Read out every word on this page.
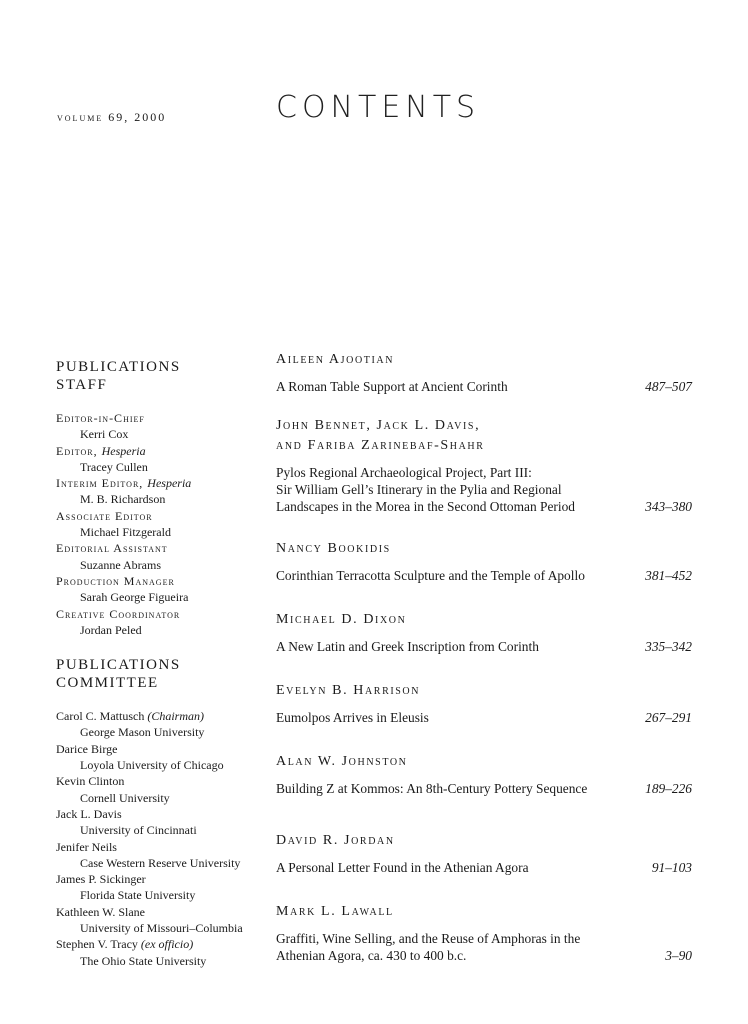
volume 69, 2000	CONTENTS
PUBLICATIONS
STAFF
Editor-in-Chief
Kerri Cox
Editor, Hesperia
Tracey Cullen
Interim Editor, Hesperia
M. B. Richardson
Associate Editor
Michael Fitzgerald
Editorial Assistant
Suzanne Abrams
Production Manager
Sarah George Figueira
Creative Coordinator
Jordan Peled
PUBLICATIONS
COMMITTEE
Carol C. Mattusch (Chairman)
George Mason University
Darice Birge
Loyola University of Chicago
Kevin Clinton
Cornell University
Jack L. Davis
University of Cincinnati
Jenifer Neils
Case Western Reserve University
James P. Sickinger
Florida State University
Kathleen W. Slane
University of Missouri–Columbia
Stephen V. Tracy (ex officio)
The Ohio State University
Aileen Ajootian
A Roman Table Support at Ancient Corinth	487–507
John Bennet, Jack L. Davis,
and Fariba Zarinebaf-Shahr
Pylos Regional Archaeological Project, Part III:
Sir William Gell’s Itinerary in the Pylia and Regional
Landscapes in the Morea in the Second Ottoman Period	343–380
Nancy Bookidis
Corinthian Terracotta Sculpture and the Temple of Apollo	381–452
Michael D. Dixon
A New Latin and Greek Inscription from Corinth	335–342
Evelyn B. Harrison
Eumolpos Arrives in Eleusis	267–291
Alan W. Johnston
Building Z at Kommos: An 8th-Century Pottery Sequence	189–226
David R. Jordan
A Personal Letter Found in the Athenian Agora	91–103
Mark L. Lawall
Graffiti, Wine Selling, and the Reuse of Amphoras in the
Athenian Agora, ca. 430 to 400 b.c.	3–90
